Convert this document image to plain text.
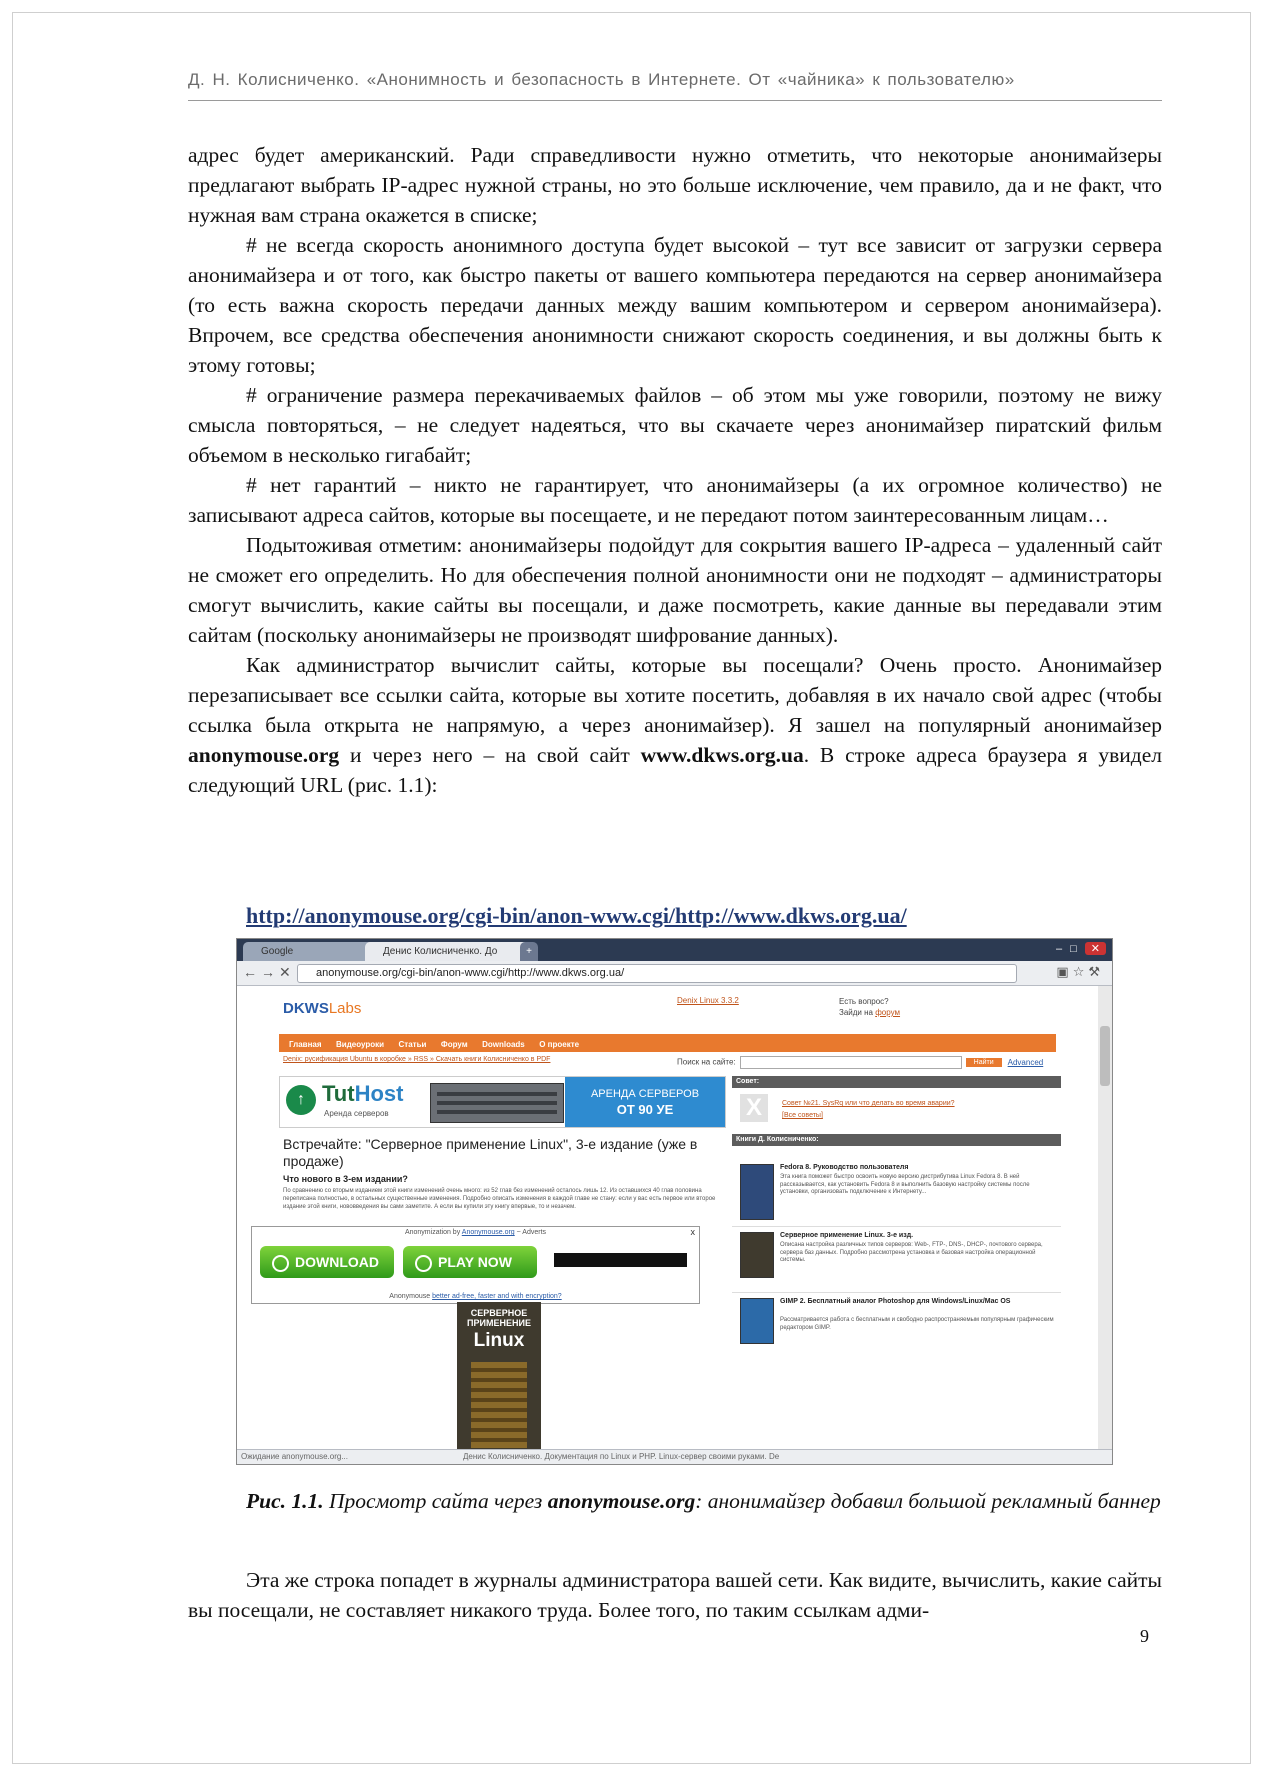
Д. Н. Колисниченко. «Анонимность и безопасность в Интернете. От «чайника» к пользователю»

адрес будет американский. Ради справедливости нужно отметить, что некоторые анонимайзеры предлагают выбрать IP-адрес нужной страны, но это больше исключение, чем правило, да и не факт, что нужная вам страна окажется в списке;

# не всегда скорость анонимного доступа будет высокой – тут все зависит от загрузки сервера анонимайзера и от того, как быстро пакеты от вашего компьютера передаются на сервер анонимайзера (то есть важна скорость передачи данных между вашим компьютером и сервером анонимайзера). Впрочем, все средства обеспечения анонимности снижают скорость соединения, и вы должны быть к этому готовы;

# ограничение размера перекачиваемых файлов – об этом мы уже говорили, поэтому не вижу смысла повторяться, – не следует надеяться, что вы скачаете через анонимайзер пиратский фильм объемом в несколько гигабайт;

# нет гарантий – никто не гарантирует, что анонимайзеры (а их огромное количество) не записывают адреса сайтов, которые вы посещаете, и не передают потом заинтересованным лицам…

Подытоживая отметим: анонимайзеры подойдут для сокрытия вашего IP-адреса – удаленный сайт не сможет его определить. Но для обеспечения полной анонимности они не подходят – администраторы смогут вычислить, какие сайты вы посещали, и даже посмотреть, какие данные вы передавали этим сайтам (поскольку анонимайзеры не производят шифрование данных).

Как администратор вычислит сайты, которые вы посещали? Очень просто. Анонимайзер перезаписывает все ссылки сайта, которые вы хотите посетить, добавляя в их начало свой адрес (чтобы ссылка была открыта не напрямую, а через анонимайзер). Я зашел на популярный анонимайзер anonymouse.org и через него – на свой сайт www.dkws.org.ua. В строке адреса браузера я увидел следующий URL (рис. 1.1):

http://anonymouse.org/cgi-bin/anon-www.cgi/http://www.dkws.org.ua/
Google	Денис Колисниченко. До	+	–□ ✕
← → ✕	anonymouse.org/cgi-bin/anon-www.cgi/http://www.dkws.org.ua/	▣☆⚒
DKWSLabs	Denix Linux 3.3.2	Есть вопрос?
Зайди на форум
Главная Видеоуроки Статьи Форум Downloads О проекте
Denix: русификация Ubuntu в коробке » RSS » Скачать книги Колисниченко в PDF	Поиск на сайте:	Найти Advanced
↑ TutHost
Аренда серверов
АРЕНДА СЕРВЕРОВ
ОТ 90 УЕ
Встречайте: "Серверное применение Linux", 3-е издание (уже в продаже)
Что нового в 3-ем издании?
По сравнению со вторым изданием этой книги изменений очень много: из 52 глав без изменений осталось лишь 12. Из оставшихся 40 глав половина переписана полностью, в остальных существенные изменения. Подробно описать изменения в каждой главе не стану: если у вас есть первое или второе издание этой книги, нововведения вы сами заметите. А если вы купили эту книгу впервые, то и незачем.
Совет:
X	Совет №21. SysRq или что делать во время аварии?
[Все советы]
Книги Д. Колисниченко:
Fedora 8. Руководство пользователя
Эта книга поможет быстро освоить новую версию дистрибутива Linux Fedora 8. В ней рассказывается, как установить Fedora 8 и выполнить базовую настройку системы после установки, организовать подключение к Интернету...
Серверное применение Linux. 3-е изд.
Описана настройка различных типов серверов: Web-, FTP-, DNS-, DHCP-, почтового сервера, сервера баз данных. Подробно рассмотрена установка и базовая настройка операционной системы.
GIMP 2. Бесплатный аналог Photoshop для Windows/Linux/Mac OS
Рассматривается работа с бесплатным и свободно распространяемым популярным графическим редактором GIMP.
Anonymization by Anonymouse.org ~ Adverts	x
DOWNLOAD	PLAY NOW
Anonymouse better ad-free, faster and with encryption?
СЕРВЕРНОЕ ПРИМЕНЕНИЕ
Linux
Ожидание anonymouse.org...	Денис Колисниченко. Документация по Linux и PHP. Linux-сервер своими руками. De

Рис. 1.1. Просмотр сайта через anonymouse.org: анонимайзер добавил большой рекламный баннер

Эта же строка попадет в журналы администратора вашей сети. Как видите, вычислить, какие сайты вы посещали, не составляет никакого труда. Более того, по таким ссылкам адми-

9
